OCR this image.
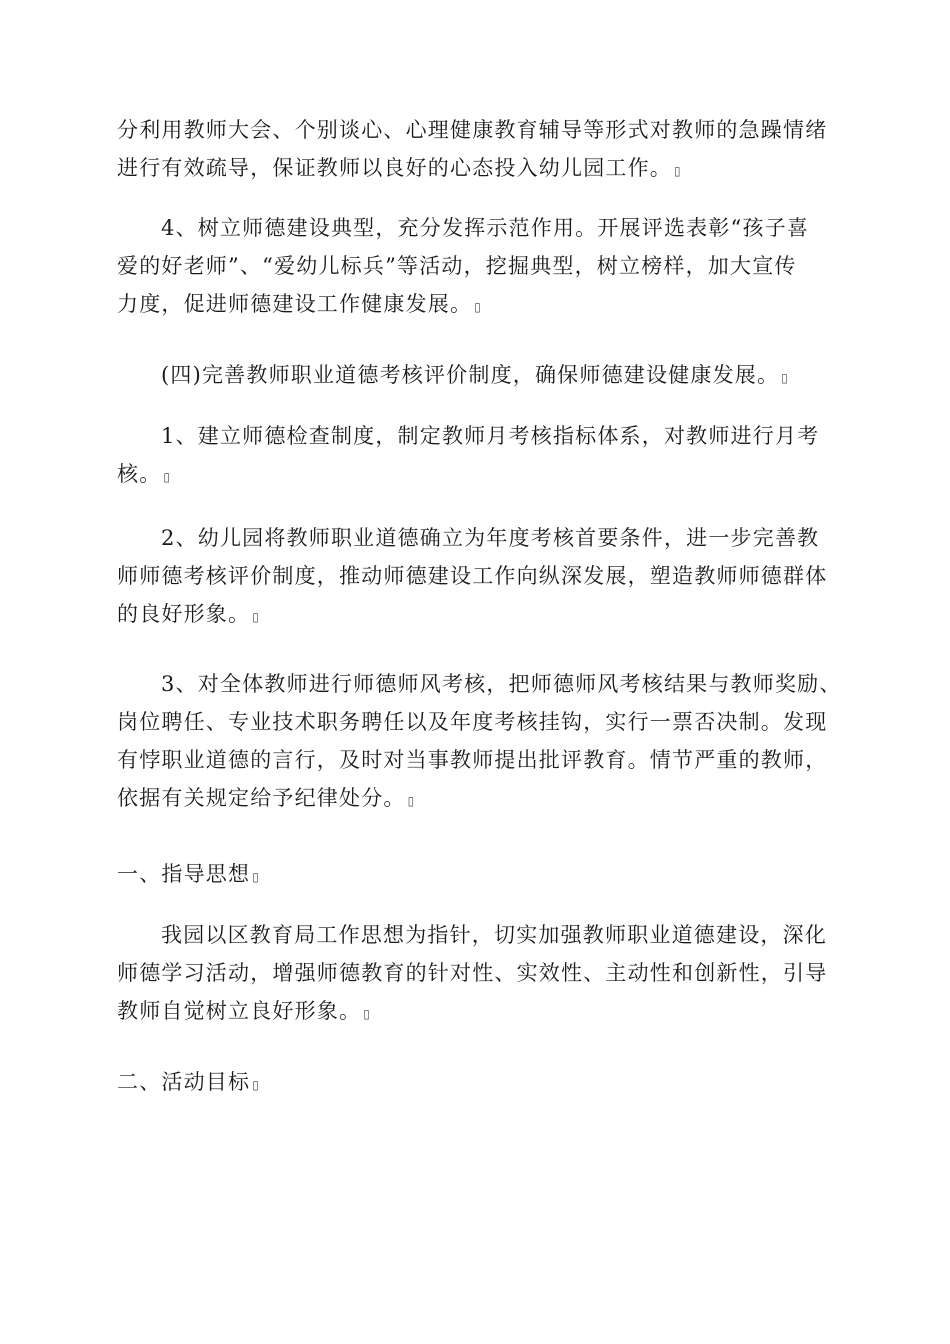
分利用教师大会、个别谈心、心理健康教育辅导等形式对教师的急躁情绪
进行有效疏导，保证教师以良好的心态投入幼儿园工作。 ▯

4、树立师德建设典型，充分发挥示范作用。开展评选表彰“孩子喜
爱的好老师”、“爱幼儿标兵”等活动，挖掘典型，树立榜样，加大宣传
力度，促进师德建设工作健康发展。 ▯

(四)完善教师职业道德考核评价制度，确保师德建设健康发展。 ▯

1、建立师德检查制度，制定教师月考核指标体系，对教师进行月考
核。 ▯

2、幼儿园将教师职业道德确立为年度考核首要条件，进一步完善教
师师德考核评价制度，推动师德建设工作向纵深发展，塑造教师师德群体
的良好形象。 ▯

3、对全体教师进行师德师风考核，把师德师风考核结果与教师奖励、
岗位聘任、专业技术职务聘任以及年度考核挂钩，实行一票否决制。发现
有悖职业道德的言行，及时对当事教师提出批评教育。情节严重的教师，
依据有关规定给予纪律处分。 ▯

一、指导思想 ▯

我园以区教育局工作思想为指针，切实加强教师职业道德建设，深化
师德学习活动，增强师德教育的针对性、实效性、主动性和创新性，引导
教师自觉树立良好形象。 ▯

二、活动目标 ▯
